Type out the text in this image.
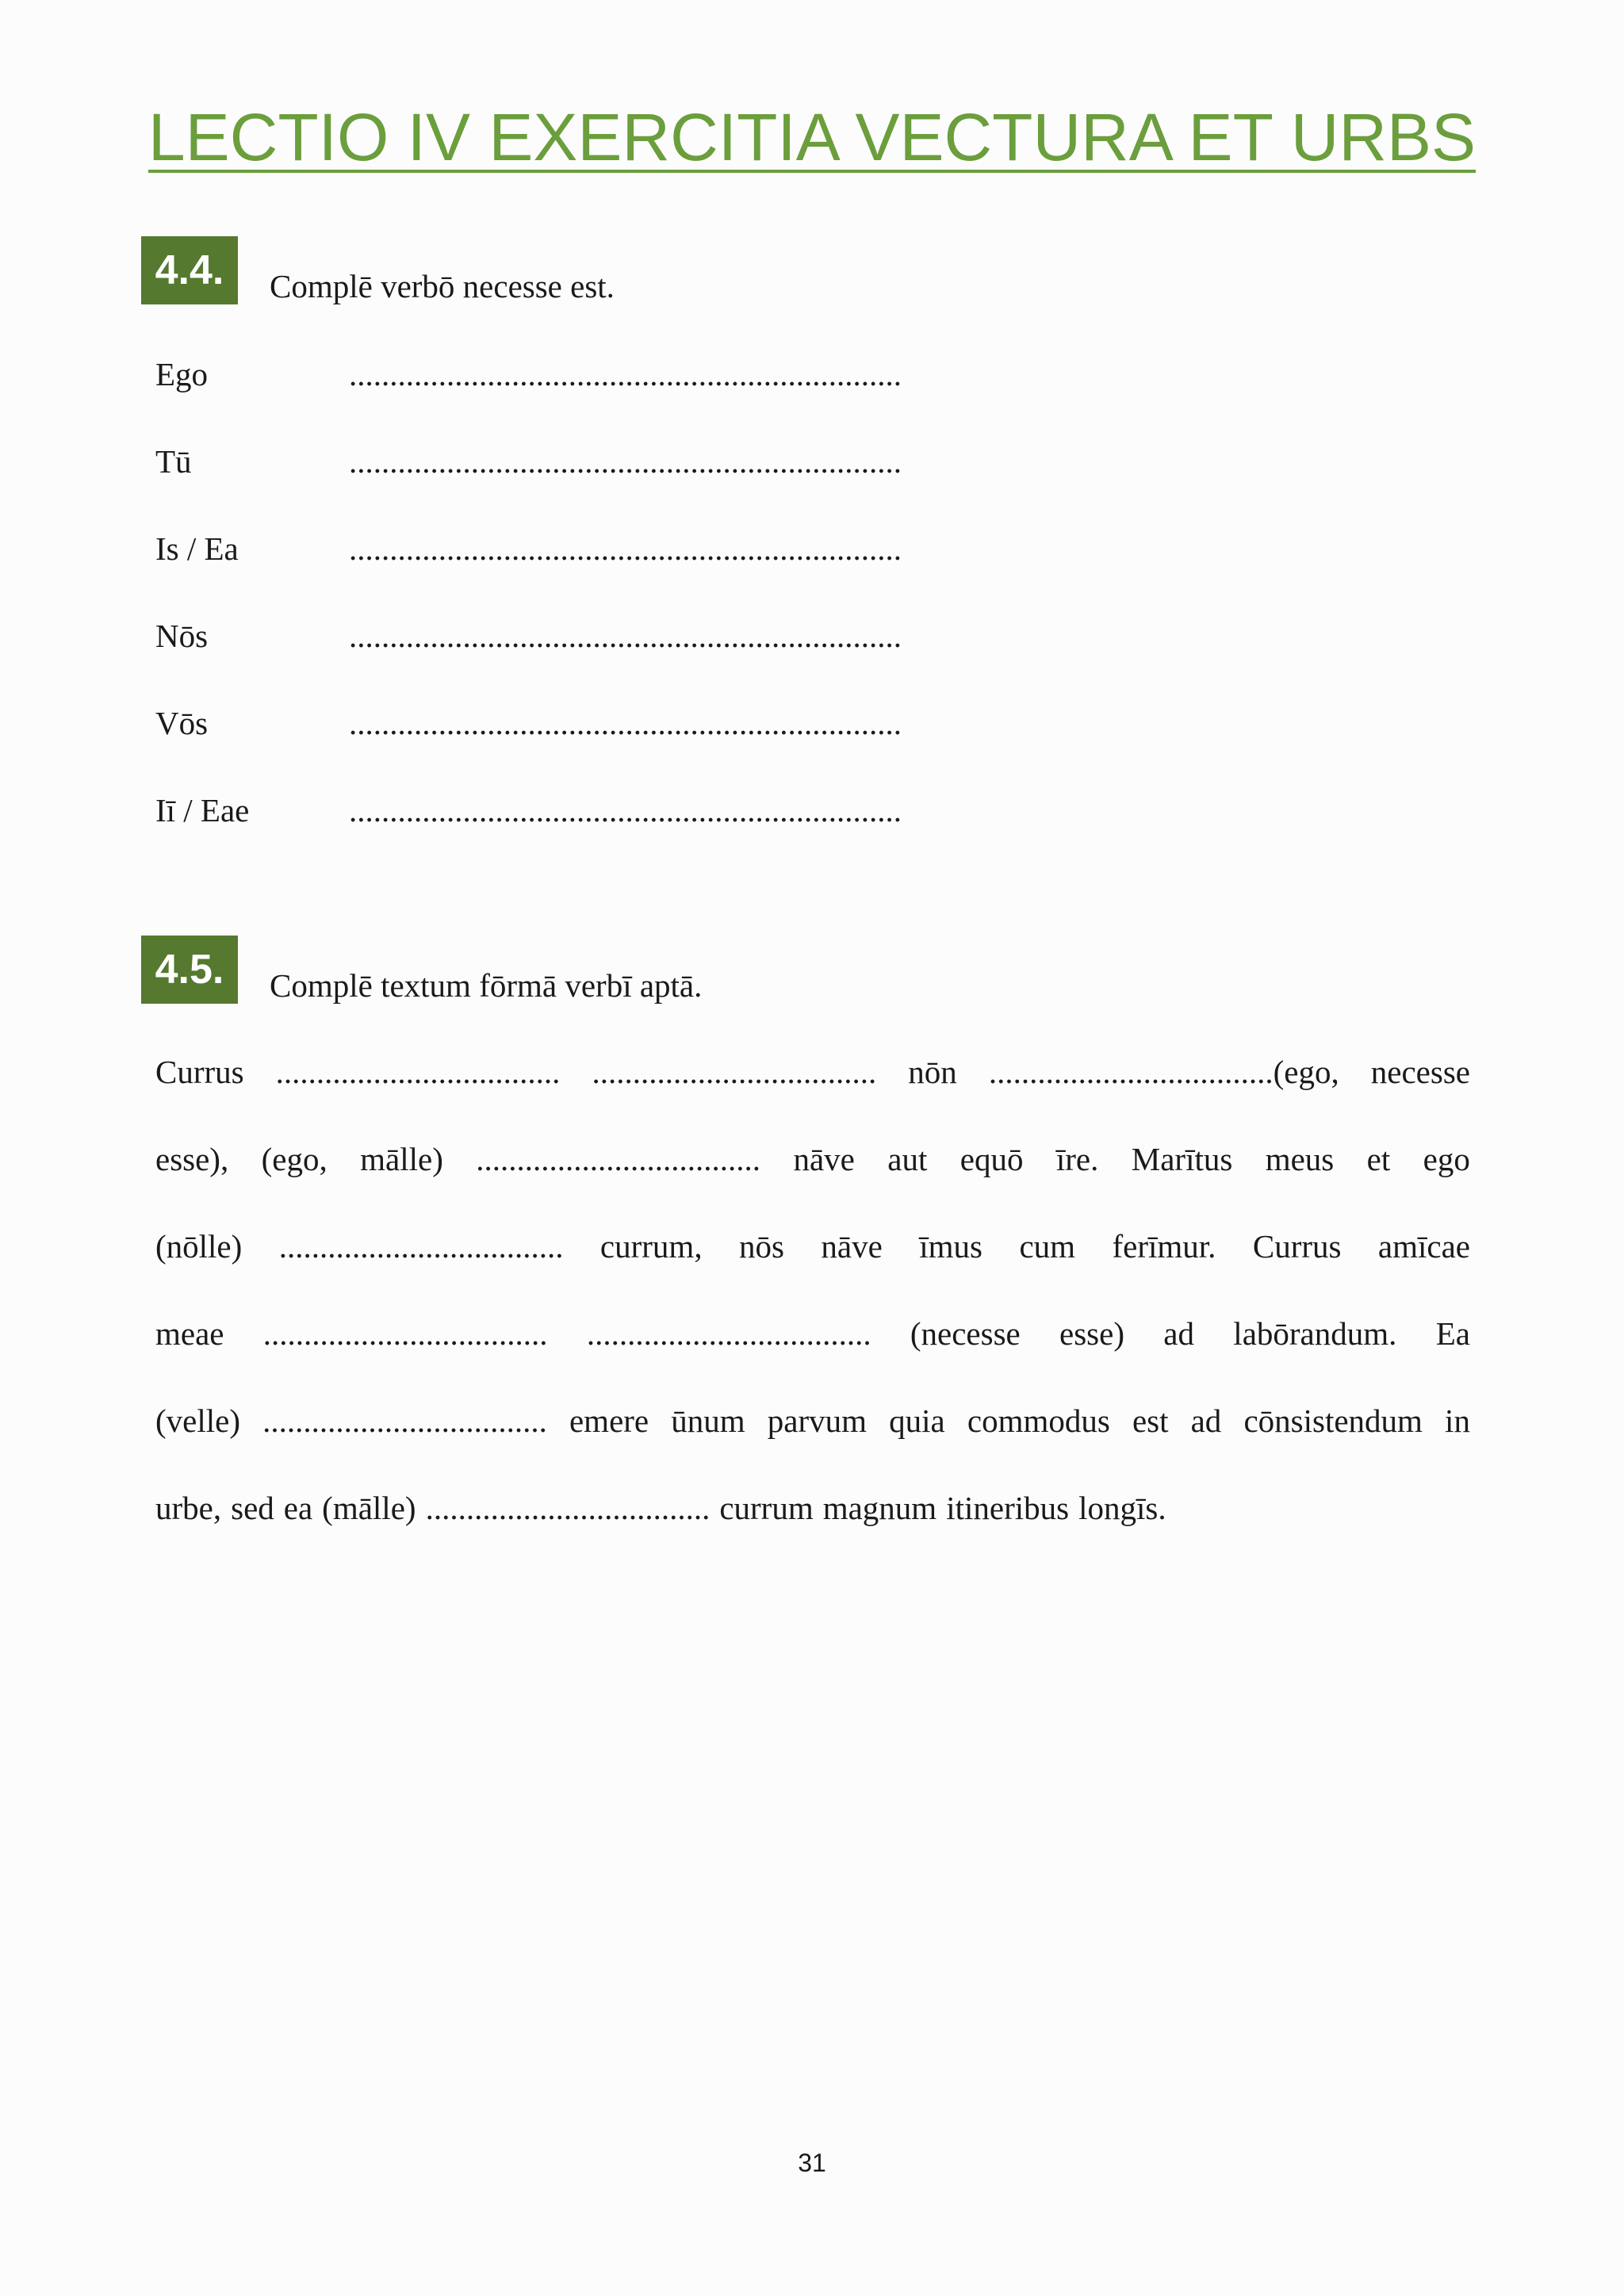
LECTIO IV EXERCITIA VECTURA ET URBS
4.4.	Complē verbō necesse est.
Ego	....................................................................
Tū	....................................................................
Is / Ea	....................................................................
Nōs	....................................................................
Vōs	....................................................................
Iī / Eae	....................................................................
4.5.	Complē textum fōrmā verbī aptā.
Currus ................................... ................................... nōn ...................................(ego, necesse
esse), (ego, mālle) ................................... nāve aut equō īre. Marītus meus et ego
(nōlle) ................................... currum, nōs nāve īmus cum ferīmur. Currus amīcae
meae ................................... ................................... (necesse esse) ad labōrandum. Ea
(velle) ................................... emere ūnum parvum quia commodus est ad cōnsistendum in
urbe, sed ea (mālle) ................................... currum magnum itineribus longīs.
31
